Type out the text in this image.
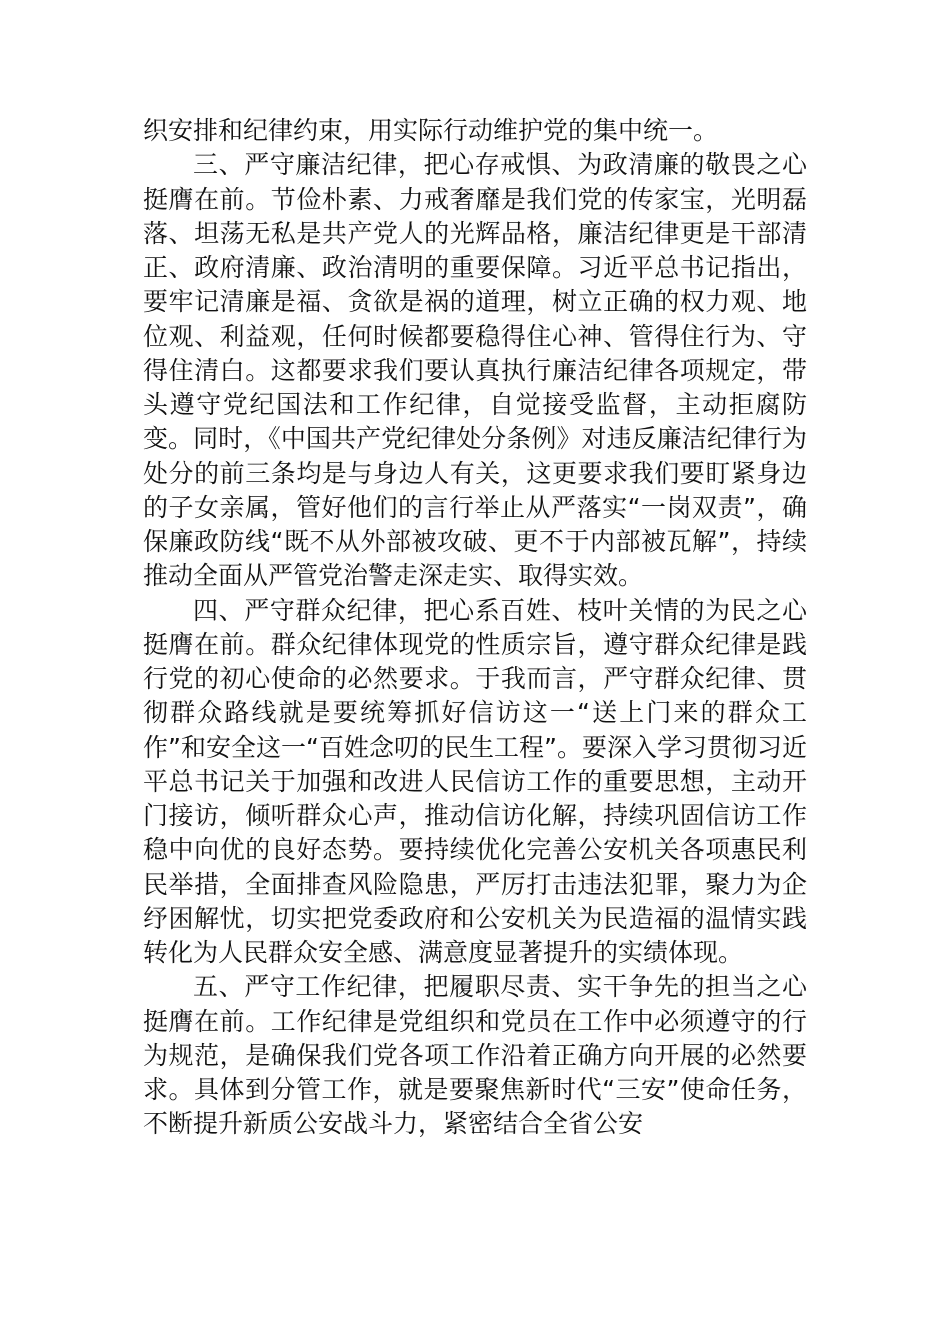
织安排和纪律约束，用实际行动维护党的集中统一。

三、严守廉洁纪律，把心存戒惧、为政清廉的敬畏之心挺膺在前。节俭朴素、力戒奢靡是我们党的传家宝，光明磊落、坦荡无私是共产党人的光辉品格，廉洁纪律更是干部清正、政府清廉、政治清明的重要保障。习近平总书记指出，要牢记清廉是福、贪欲是祸的道理，树立正确的权力观、地位观、利益观，任何时候都要稳得住心神、管得住行为、守得住清白。这都要求我们要认真执行廉洁纪律各项规定，带头遵守党纪国法和工作纪律，自觉接受监督，主动拒腐防变。同时，《中国共产党纪律处分条例》对违反廉洁纪律行为处分的前三条均是与身边人有关，这更要求我们要盯紧身边的子女亲属，管好他们的言行举止从严落实“一岗双责”，确保廉政防线“既不从外部被攻破、更不于内部被瓦解”，持续推动全面从严管党治警走深走实、取得实效。

四、严守群众纪律，把心系百姓、枝叶关情的为民之心挺膺在前。群众纪律体现党的性质宗旨，遵守群众纪律是践行党的初心使命的必然要求。于我而言，严守群众纪律、贯彻群众路线就是要统筹抓好信访这一“送上门来的群众工作”和安全这一“百姓念叨的民生工程”。要深入学习贯彻习近平总书记关于加强和改进人民信访工作的重要思想，主动开门接访，倾听群众心声，推动信访化解，持续巩固信访工作稳中向优的良好态势。要持续优化完善公安机关各项惠民利民举措，全面排查风险隐患，严厉打击违法犯罪，聚力为企纾困解忧，切实把党委政府和公安机关为民造福的温情实践转化为人民群众安全感、满意度显著提升的实绩体现。

五、严守工作纪律，把履职尽责、实干争先的担当之心挺膺在前。工作纪律是党组织和党员在工作中必须遵守的行为规范，是确保我们党各项工作沿着正确方向开展的必然要求。具体到分管工作，就是要聚焦新时代“三安”使命任务，不断提升新质公安战斗力，紧密结合全省公安
